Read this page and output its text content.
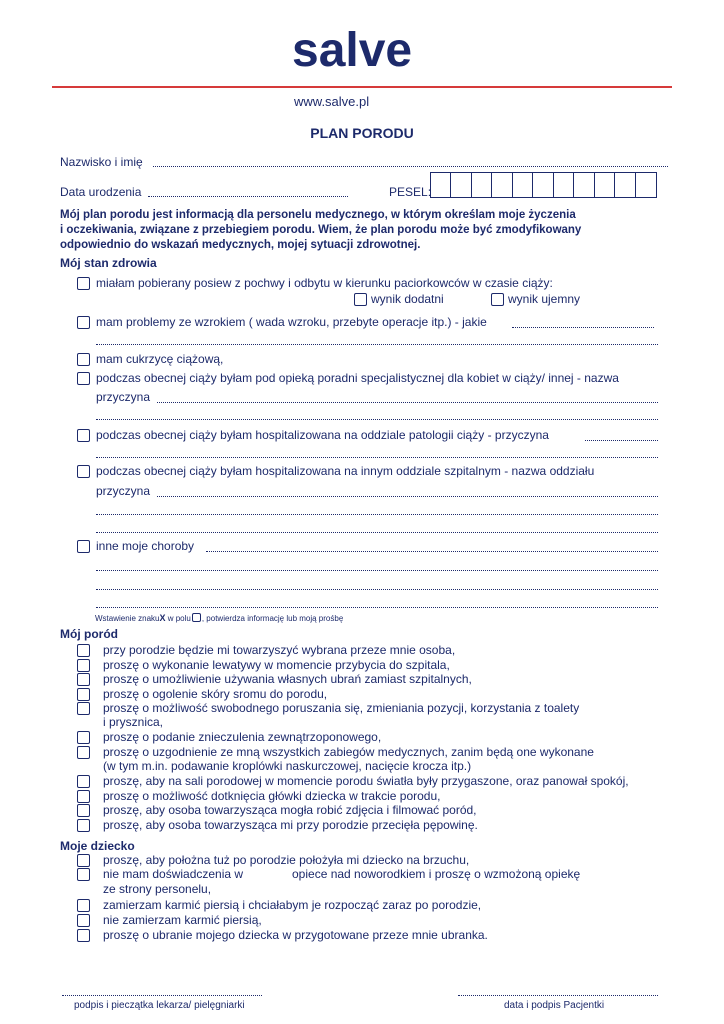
salve
www.salve.pl
PLAN PORODU
Nazwisko i imię
Data urodzenia	PESEL:
Mój plan porodu jest informacją dla personelu medycznego, w którym określam moje życzenia
i oczekiwania, związane z przebiegiem porodu. Wiem, że plan porodu może być zmodyfikowany
odpowiednio do wskazań medycznych, mojej sytuacji zdrowotnej.
Mój stan zdrowia
miałam pobierany posiew z pochwy i odbytu w kierunku paciorkowców w czasie ciąży:
wynik dodatni	wynik ujemny
mam problemy ze wzrokiem ( wada wzroku, przebyte operacje itp.) - jakie
mam cukrzycę ciążową,
podczas obecnej ciąży byłam pod opieką poradni specjalistycznej dla kobiet w ciąży/ innej - nazwa
przyczyna
podczas obecnej ciąży byłam hospitalizowana na oddziale patologii ciąży - przyczyna
podczas obecnej ciąży byłam hospitalizowana na innym oddziale szpitalnym - nazwa oddziału
przyczyna
inne moje choroby
Wstawienie znakuX w polu , potwierdza informację lub moją prośbę
Mój poród
przy porodzie będzie mi towarzyszyć wybrana przeze mnie osoba,
proszę o wykonanie lewatywy w momencie przybycia do szpitala,
proszę o umożliwienie używania własnych ubrań zamiast szpitalnych,
proszę o ogolenie skóry sromu do porodu,
proszę o możliwość swobodnego poruszania się, zmieniania pozycji, korzystania z toalety
proszę o podanie znieczulenia zewnątrzoponowego,
proszę o uzgodnienie ze mną wszystkich zabiegów medycznych, zanim będą one wykonane
proszę, aby na sali porodowej w momencie porodu światła były przygaszone, oraz panował spokój,
proszę o możliwość dotknięcia główki dziecka w trakcie porodu,
proszę, aby osoba towarzysząca mogła robić zdjęcia i filmować poród,
proszę, aby osoba towarzysząca mi przy porodzie przecięła pępowinę.
i prysznica,
(w tym m.in. podawanie kroplówki naskurczowej, nacięcie krocza itp.)
Moje dziecko
proszę, aby położna tuż po porodzie położyła mi dziecko na brzuchu,
nie mam doświadczenia w	opiece nad noworodkiem i proszę o wzmożoną opiekę
ze strony personelu,
zamierzam karmić piersią i chciałabym je rozpocząć zaraz po porodzie,
nie zamierzam karmić piersią,
proszę o ubranie mojego dziecka w przygotowane przeze mnie ubranka.
podpis i pieczątka lekarza/ pielęgniarki	data i podpis Pacjentki
